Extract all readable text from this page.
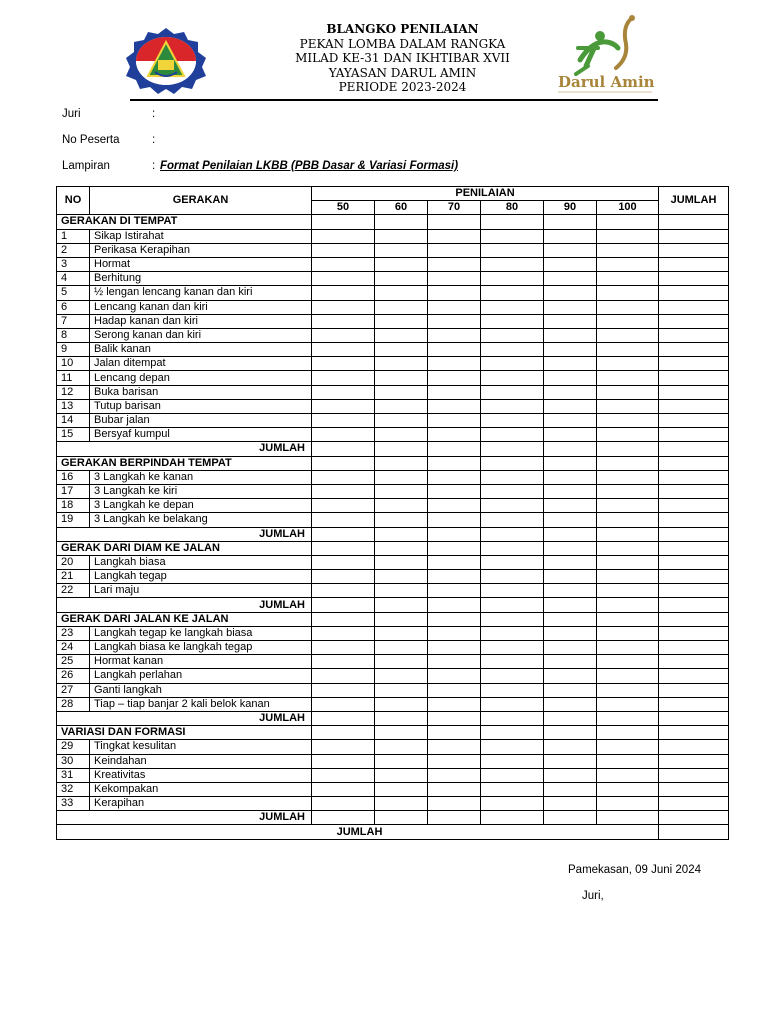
BLANGKO PENILAIAN
PEKAN LOMBA DALAM RANGKA
MILAD KE-31 DAN IKHTIBAR XVII
YAYASAN DARUL AMIN
PERIODE 2023-2024	Darul Amin
Juri	:
No Peserta	:
Lampiran	: Format Penilaian LKBB (PBB Dasar & Variasi Formasi)
NO	GERAKAN	PENILAIAN						JUMLAH
		50	60	70	80	90	100	
GERAKAN DI TEMPAT								
1	Sikap Istirahat							
2	Perikasa Kerapihan							
3	Hormat							
4	Berhitung							
5	½ lengan lencang kanan dan kiri							
6	Lencang kanan dan kiri							
7	Hadap kanan dan kiri							
8	Serong kanan dan kiri							
9	Balik kanan							
10	Jalan ditempat							
11	Lencang depan							
12	Buka barisan							
13	Tutup barisan							
14	Bubar jalan							
15	Bersyaf kumpul							
JUMLAH								
GERAKAN BERPINDAH TEMPAT								
16	3 Langkah ke kanan							
17	3 Langkah ke kiri							
18	3 Langkah ke depan							
19	3 Langkah ke belakang							
JUMLAH								
GERAK DARI DIAM KE JALAN								
20	Langkah biasa							
21	Langkah tegap							
22	Lari maju							
JUMLAH								
GERAK DARI JALAN KE JALAN								
23	Langkah tegap ke langkah biasa							
24	Langkah biasa ke langkah tegap							
25	Hormat kanan							
26	Langkah perlahan							
27	Ganti langkah							
28	Tiap – tiap banjar 2 kali belok kanan							
JUMLAH								
VARIASI DAN FORMASI								
29	Tingkat kesulitan							
30	Keindahan							
31	Kreativitas							
32	Kekompakan							
33	Kerapihan							
JUMLAH								
JUMLAH								
Pamekasan, 09 Juni 2024
Juri,
